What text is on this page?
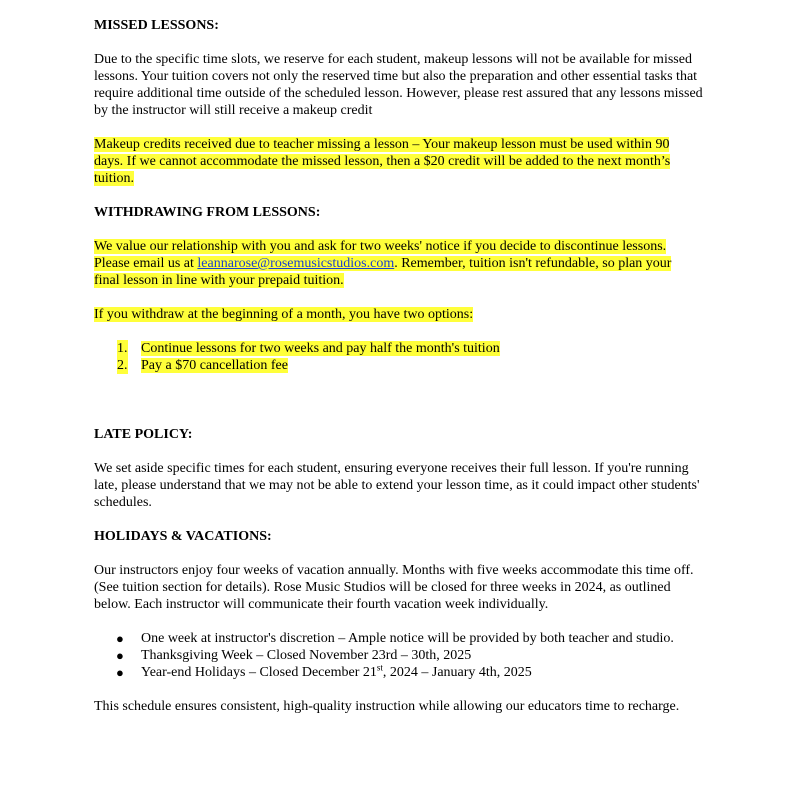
MISSED LESSONS:
Due to the specific time slots, we reserve for each student, makeup lessons will not be available for missed lessons. Your tuition covers not only the reserved time but also the preparation and other essential tasks that require additional time outside of the scheduled lesson. However, please rest assured that any lessons missed by the instructor will still receive a makeup credit
Makeup credits received due to teacher missing a lesson – Your makeup lesson must be used within 90
days. If we cannot accommodate the missed lesson, then a $20 credit will be added to the next month’s
tuition.
WITHDRAWING FROM LESSONS:
We value our relationship with you and ask for two weeks' notice if you decide to discontinue lessons.
Please email us at leannarose@rosemusicstudios.com. Remember, tuition isn't refundable, so plan your
final lesson in line with your prepaid tuition.
If you withdraw at the beginning of a month, you have two options:
1. Continue lessons for two weeks and pay half the month's tuition
2. Pay a $70 cancellation fee
LATE POLICY:
We set aside specific times for each student, ensuring everyone receives their full lesson. If you're running late, please understand that we may not be able to extend your lesson time, as it could impact other students' schedules.
HOLIDAYS & VACATIONS:
Our instructors enjoy four weeks of vacation annually. Months with five weeks accommodate this time off. (See tuition section for details). Rose Music Studios will be closed for three weeks in 2024, as outlined below. Each instructor will communicate their fourth vacation week individually.
● One week at instructor's discretion – Ample notice will be provided by both teacher and studio.
● Thanksgiving Week – Closed November 23rd – 30th, 2025
● Year-end Holidays – Closed December 21st, 2024 – January 4th, 2025
This schedule ensures consistent, high-quality instruction while allowing our educators time to recharge.
